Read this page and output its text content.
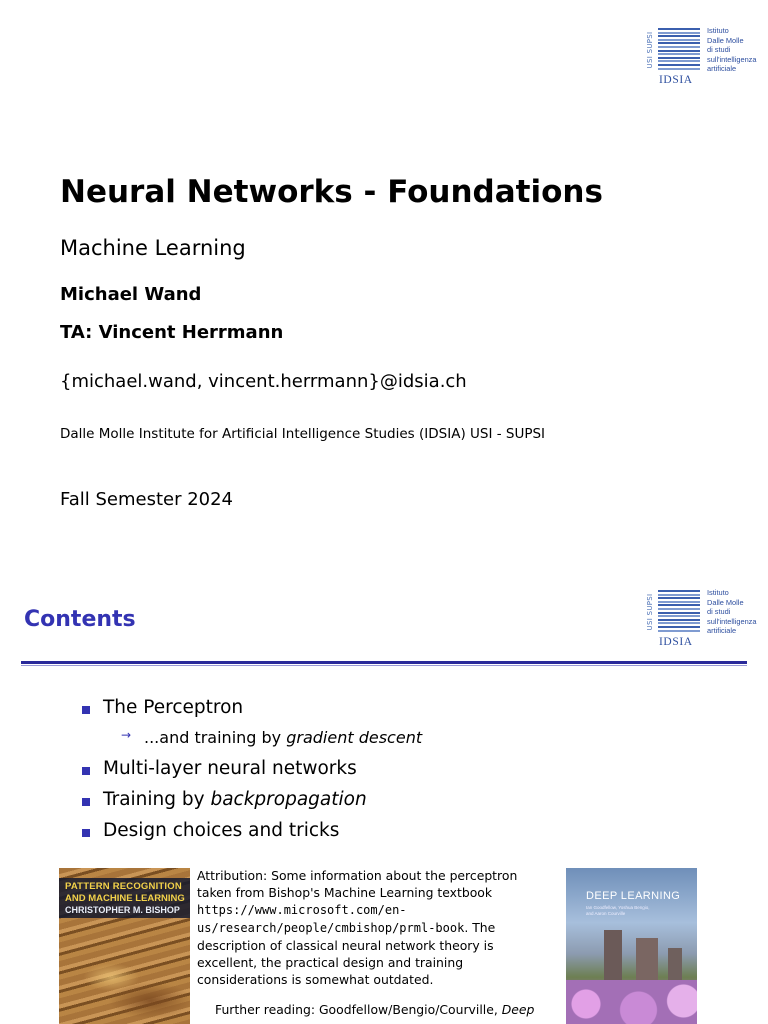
USI SUPSI
Istituto
Dalle Molle
di studi
sull'intelligenza
artificiale
IDSIA
Neural Networks - Foundations
Machine Learning
Michael Wand
TA: Vincent Herrmann
{michael.wand, vincent.herrmann}@idsia.ch
Dalle Molle Institute for Artificial Intelligence Studies (IDSIA) USI - SUPSI
Fall Semester 2024
USI SUPSI
Istituto
Dalle Molle
di studi
sull'intelligenza
artificiale
IDSIA
Contents
The Perceptron
→ ...and training by gradient descent
Multi-layer neural networks
Training by backpropagation
Design choices and tricks
PATTERN RECOGNITION
AND MACHINE LEARNING
CHRISTOPHER M. BISHOP
Attribution: Some information about the perceptron taken from Bishop's Machine Learning textbook https://www.microsoft.com/en-us/research/people/cmbishop/prml-book. The description of classical neural network theory is excellent, the practical design and training considerations is somewhat outdated.
Further reading: Goodfellow/Bengio/Courville, Deep
DEEP LEARNING
Ian Goodfellow, Yoshua Bengio, and Aaron Courville
